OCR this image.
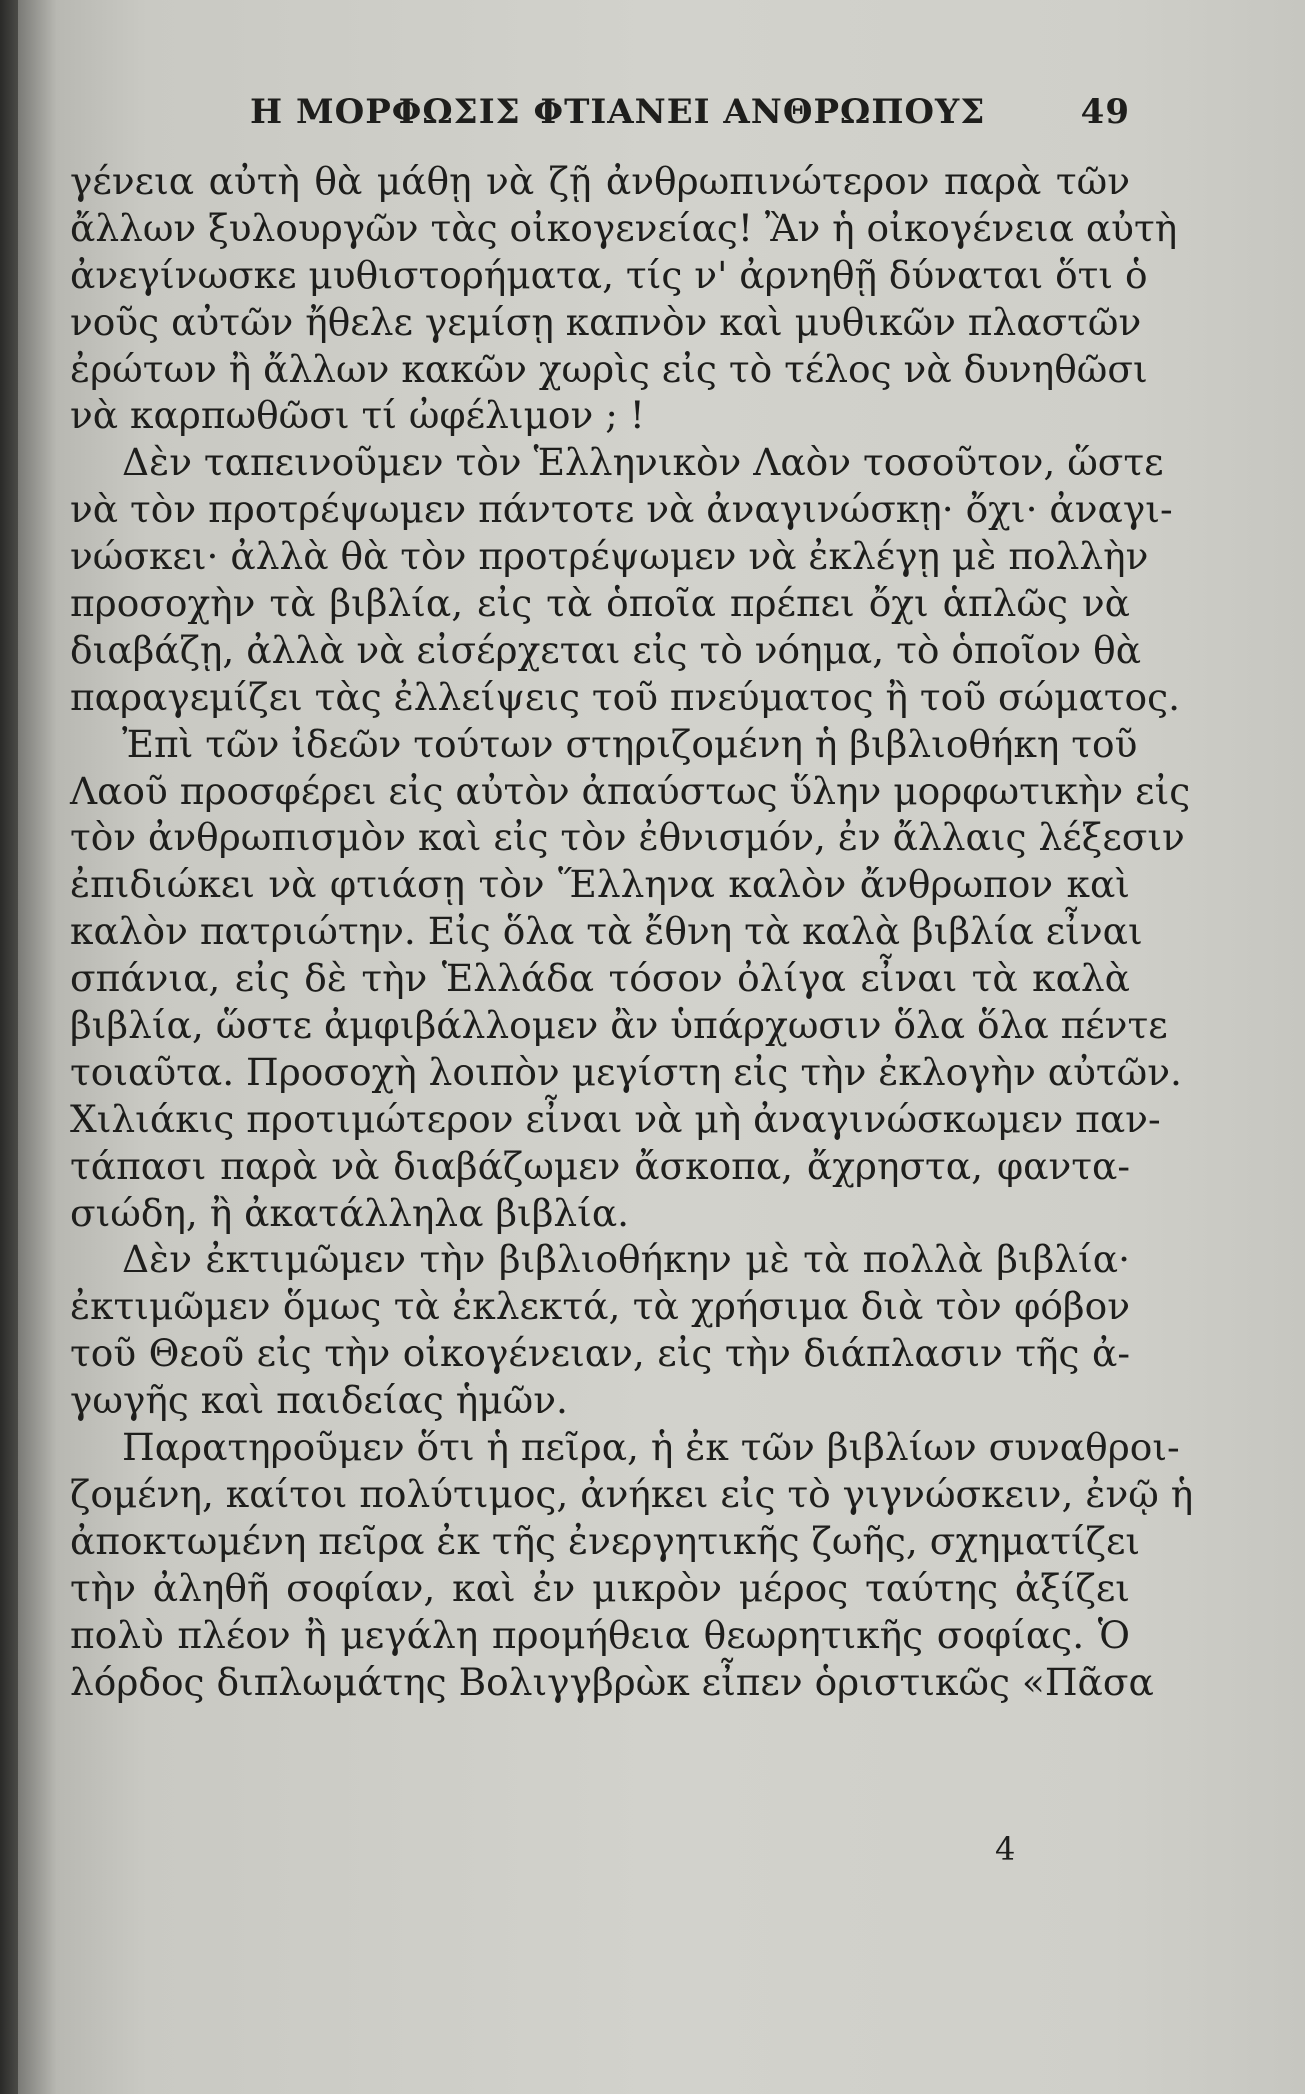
Η ΜΟΡΦΩΣΙΣ ΦΤΙΑΝΕΙ ΑΝΘΡΩΠΟΥΣ	49
γένεια αὐτὴ θὰ μάθῃ νὰ ζῇ ἀνθρωπινώτερον παρὰ τῶν
ἄλλων ξυλουργῶν τὰς οἰκογενείας! Ἂν ἡ οἰκογένεια αὐτὴ
ἀνεγίνωσκε μυθιστορήματα, τίς ν' ἀρνηθῇ δύναται ὅτι ὁ
νοῦς αὐτῶν ἤθελε γεμίσῃ καπνὸν καὶ μυθικῶν πλαστῶν
ἐρώτων ἢ ἄλλων κακῶν χωρὶς εἰς τὸ τέλος νὰ δυνηθῶσι
νὰ καρπωθῶσι τί ὠφέλιμον ; !
Δὲν ταπεινοῦμεν τὸν Ἑλληνικὸν Λαὸν τοσοῦτον, ὥστε
νὰ τὸν προτρέψωμεν πάντοτε νὰ ἀναγινώσκῃ· ὄχι· ἀναγι-
νώσκει· ἀλλὰ θὰ τὸν προτρέψωμεν νὰ ἐκλέγῃ μὲ πολλὴν
προσοχὴν τὰ βιβλία, εἰς τὰ ὁποῖα πρέπει ὄχι ἁπλῶς νὰ
διαβάζῃ, ἀλλὰ νὰ εἰσέρχεται εἰς τὸ νόημα, τὸ ὁποῖον θὰ
παραγεμίζει τὰς ἐλλείψεις τοῦ πνεύματος ἢ τοῦ σώματος.
Ἐπὶ τῶν ἰδεῶν τούτων στηριζομένη ἡ βιβλιοθήκη τοῦ
Λαοῦ προσφέρει εἰς αὐτὸν ἀπαύστως ὕλην μορφωτικὴν εἰς
τὸν ἀνθρωπισμὸν καὶ εἰς τὸν ἐθνισμόν, ἐν ἄλλαις λέξεσιν
ἐπιδιώκει νὰ φτιάσῃ τὸν Ἕλληνα καλὸν ἄνθρωπον καὶ
καλὸν πατριώτην. Εἰς ὅλα τὰ ἔθνη τὰ καλὰ βιβλία εἶναι
σπάνια, εἰς δὲ τὴν Ἑλλάδα τόσον ὀλίγα εἶναι τὰ καλὰ
βιβλία, ὥστε ἀμφιβάλλομεν ἂν ὑπάρχωσιν ὅλα ὅλα πέντε
τοιαῦτα. Προσοχὴ λοιπὸν μεγίστη εἰς τὴν ἐκλογὴν αὐτῶν.
Χιλιάκις προτιμώτερον εἶναι νὰ μὴ ἀναγινώσκωμεν παν-
τάπασι παρὰ νὰ διαβάζωμεν ἄσκοπα, ἄχρηστα, φαντα-
σιώδη, ἢ ἀκατάλληλα βιβλία.
Δὲν ἐκτιμῶμεν τὴν βιβλιοθήκην μὲ τὰ πολλὰ βιβλία·
ἐκτιμῶμεν ὅμως τὰ ἐκλεκτά, τὰ χρήσιμα διὰ τὸν φόβον
τοῦ Θεοῦ εἰς τὴν οἰκογένειαν, εἰς τὴν διάπλασιν τῆς ἀ-
γωγῆς καὶ παιδείας ἡμῶν.
Παρατηροῦμεν ὅτι ἡ πεῖρα, ἡ ἐκ τῶν βιβλίων συναθροι-
ζομένη, καίτοι πολύτιμος, ἀνήκει εἰς τὸ γιγνώσκειν, ἐνῷ ἡ
ἀποκτωμένη πεῖρα ἐκ τῆς ἐνεργητικῆς ζωῆς, σχηματίζει
τὴν ἀληθῆ σοφίαν, καὶ ἐν μικρὸν μέρος ταύτης ἀξίζει
πολὺ πλέον ἢ μεγάλη προμήθεια θεωρητικῆς σοφίας. Ὁ
λόρδος διπλωμάτης Βολιγγβρὼκ εἶπεν ὁριστικῶς «Πᾶσα
4
